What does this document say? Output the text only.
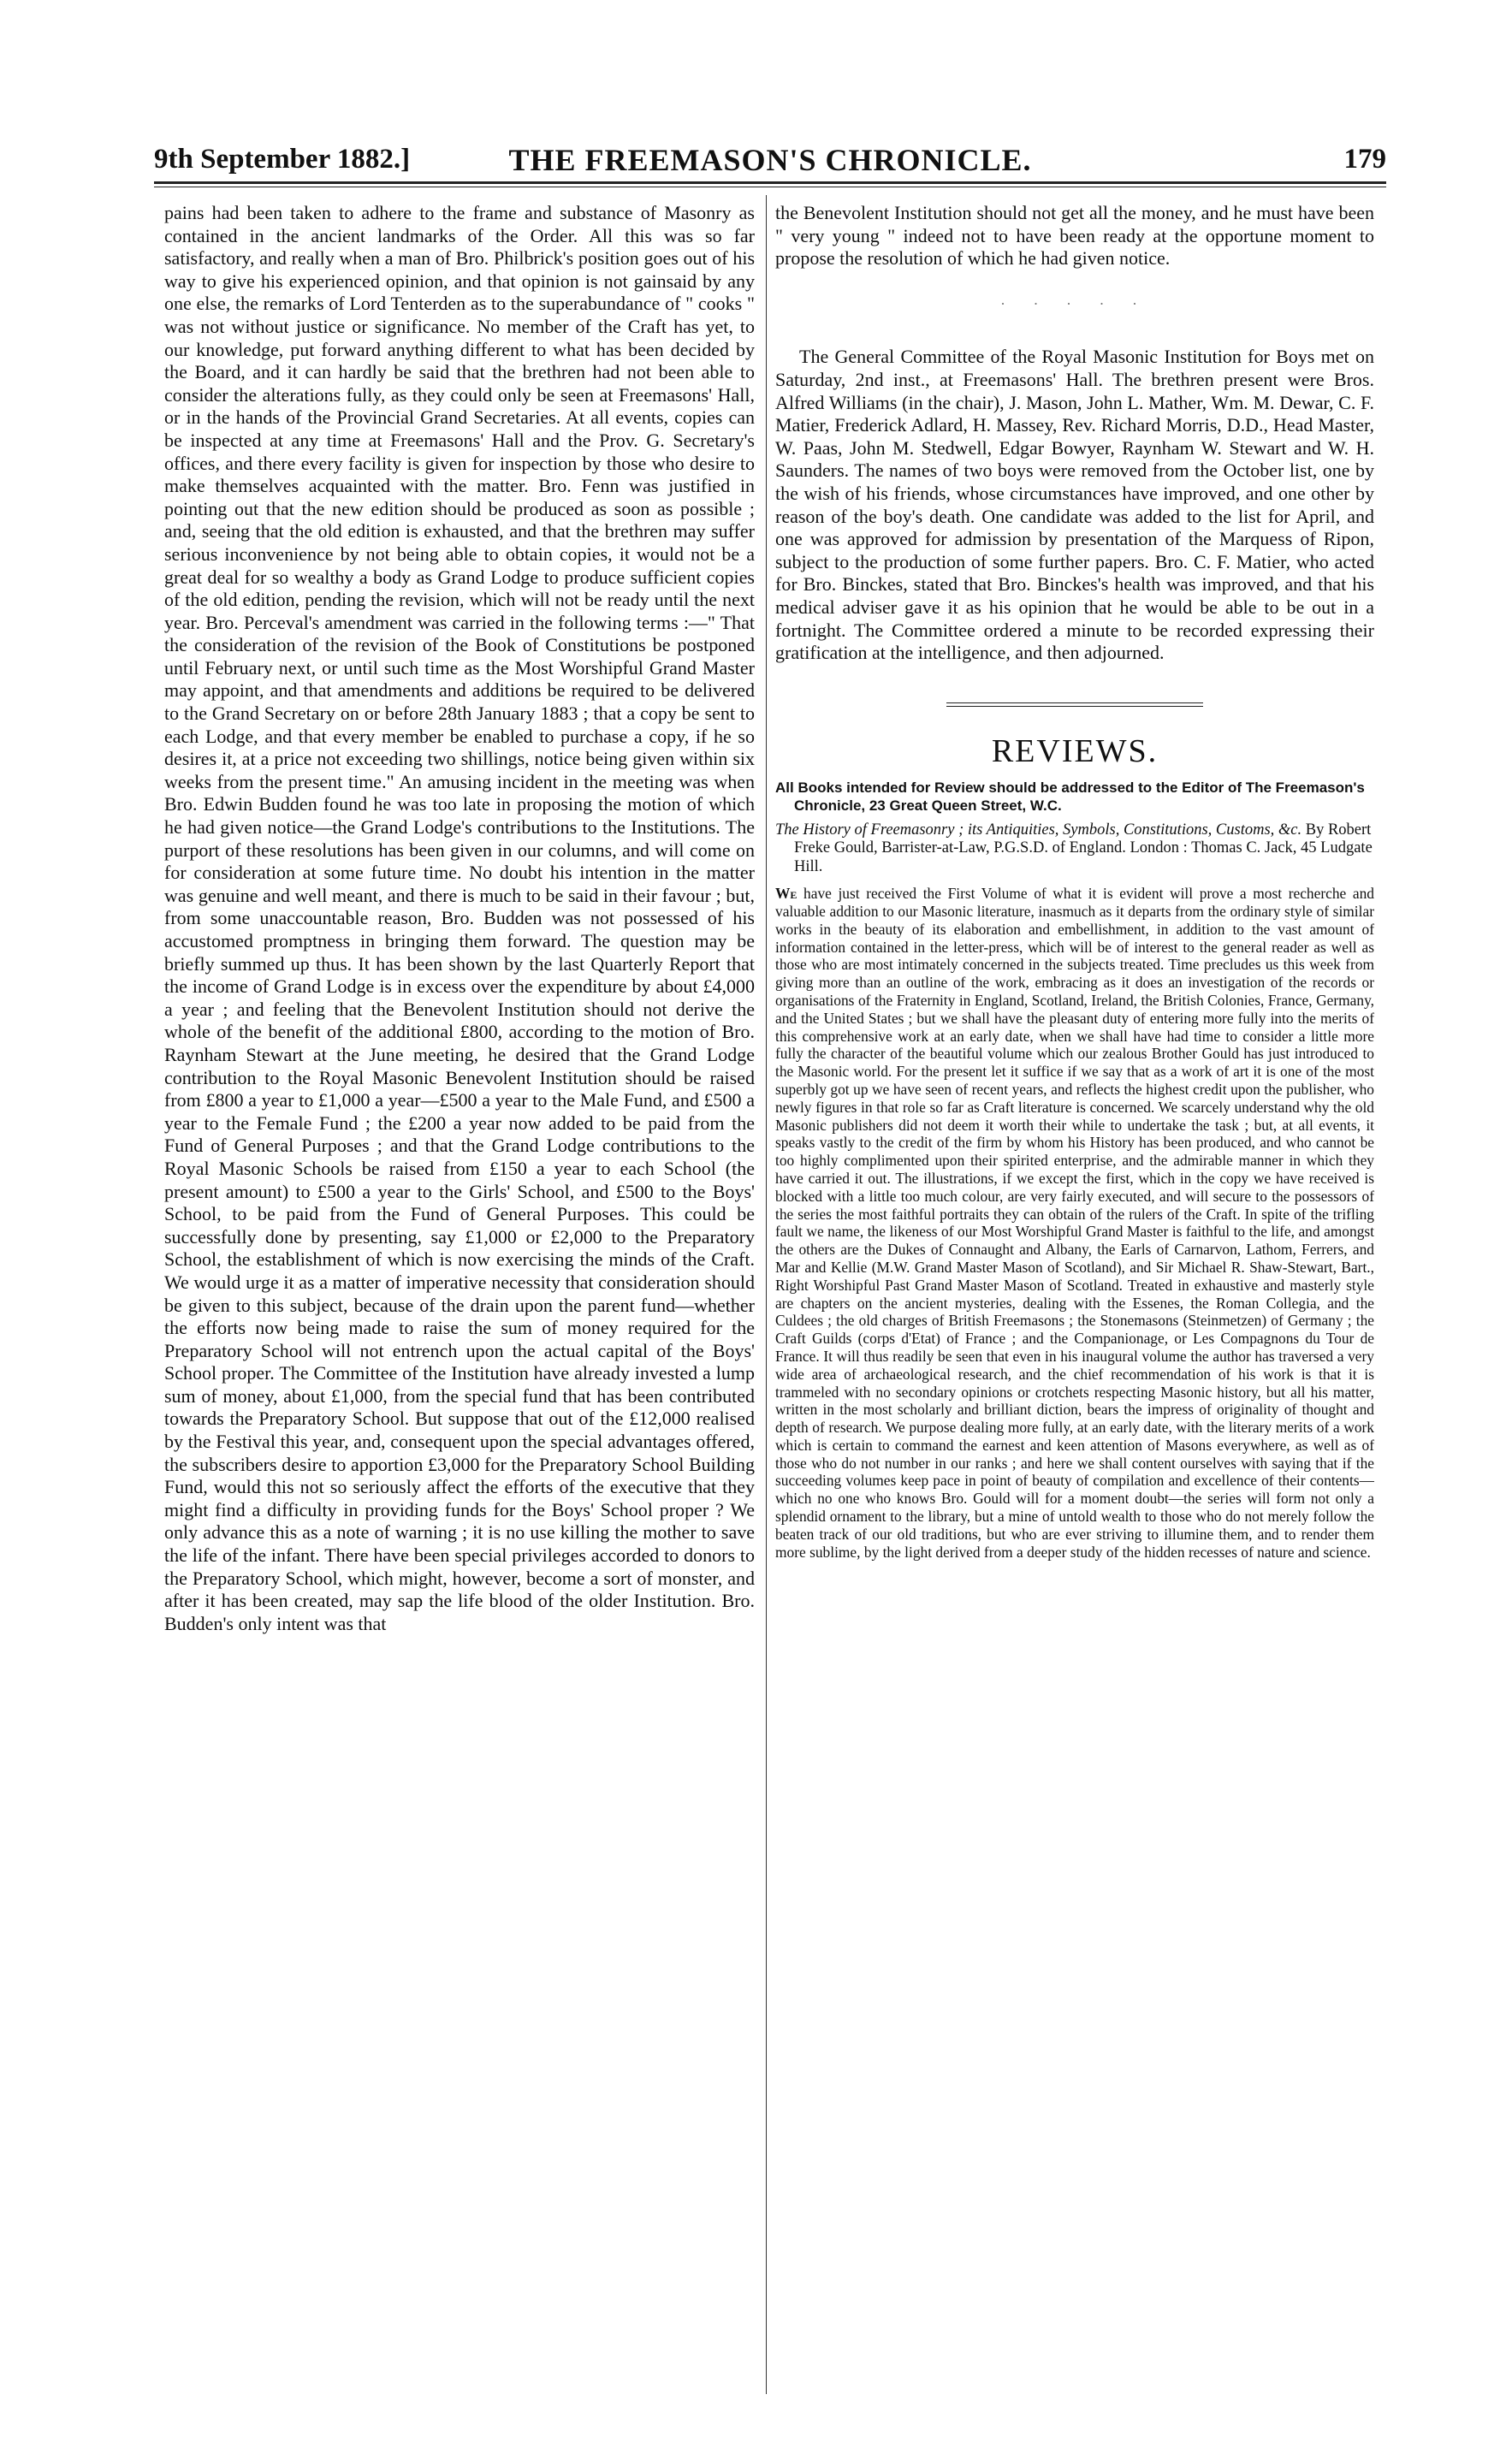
9th September 1882.]	THE FREEMASON'S CHRONICLE.	179

pains had been taken to adhere to the frame and substance of Masonry as contained in the ancient landmarks of the Order. All this was so far satisfactory, and really when a man of Bro. Philbrick's position goes out of his way to give his experienced opinion, and that opinion is not gainsaid by any one else, the remarks of Lord Tenterden as to the superabundance of " cooks " was not without justice or significance. No member of the Craft has yet, to our knowledge, put forward anything different to what has been decided by the Board, and it can hardly be said that the brethren had not been able to consider the alterations fully, as they could only be seen at Freemasons' Hall, or in the hands of the Provincial Grand Secretaries. At all events, copies can be inspected at any time at Freemasons' Hall and the Prov. G. Secretary's offices, and there every facility is given for inspection by those who desire to make themselves acquainted with the matter. Bro. Fenn was justified in pointing out that the new edition should be produced as soon as possible ; and, seeing that the old edition is exhausted, and that the brethren may suffer serious inconvenience by not being able to obtain copies, it would not be a great deal for so wealthy a body as Grand Lodge to produce sufficient copies of the old edition, pending the revision, which will not be ready until the next year. Bro. Perceval's amendment was carried in the following terms :—" That the consideration of the revision of the Book of Constitutions be postponed until February next, or until such time as the Most Worshipful Grand Master may appoint, and that amendments and additions be required to be delivered to the Grand Secretary on or before 28th January 1883 ; that a copy be sent to each Lodge, and that every member be enabled to purchase a copy, if he so desires it, at a price not exceeding two shillings, notice being given within six weeks from the present time." An amusing incident in the meeting was when Bro. Edwin Budden found he was too late in proposing the motion of which he had given notice—the Grand Lodge's contributions to the Institutions. The purport of these resolutions has been given in our columns, and will come on for consideration at some future time. No doubt his intention in the matter was genuine and well meant, and there is much to be said in their favour ; but, from some unaccountable reason, Bro. Budden was not possessed of his accustomed promptness in bringing them forward. The question may be briefly summed up thus. It has been shown by the last Quarterly Report that the income of Grand Lodge is in excess over the expenditure by about £4,000 a year ; and feeling that the Benevolent Institution should not derive the whole of the benefit of the additional £800, according to the motion of Bro. Raynham Stewart at the June meeting, he desired that the Grand Lodge contribution to the Royal Masonic Benevolent Institution should be raised from £800 a year to £1,000 a year—£500 a year to the Male Fund, and £500 a year to the Female Fund ; the £200 a year now added to be paid from the Fund of General Purposes ; and that the Grand Lodge contributions to the Royal Masonic Schools be raised from £150 a year to each School (the present amount) to £500 a year to the Girls' School, and £500 to the Boys' School, to be paid from the Fund of General Purposes. This could be successfully done by presenting, say £1,000 or £2,000 to the Preparatory School, the establishment of which is now exercising the minds of the Craft. We would urge it as a matter of imperative necessity that consideration should be given to this subject, because of the drain upon the parent fund—whether the efforts now being made to raise the sum of money required for the Preparatory School will not entrench upon the actual capital of the Boys' School proper. The Committee of the Institution have already invested a lump sum of money, about £1,000, from the special fund that has been contributed towards the Preparatory School. But suppose that out of the £12,000 realised by the Festival this year, and, consequent upon the special advantages offered, the subscribers desire to apportion £3,000 for the Preparatory School Building Fund, would this not so seriously affect the efforts of the executive that they might find a difficulty in providing funds for the Boys' School proper ? We only advance this as a note of warning ; it is no use killing the mother to save the life of the infant. There have been special privileges accorded to donors to the Preparatory School, which might, however, become a sort of monster, and after it has been created, may sap the life blood of the older Institution. Bro. Budden's only intent was that

the Benevolent Institution should not get all the money, and he must have been " very young " indeed not to have been ready at the opportune moment to propose the resolution of which he had given notice.

· · · · ·

The General Committee of the Royal Masonic Institution for Boys met on Saturday, 2nd inst., at Freemasons' Hall. The brethren present were Bros. Alfred Williams (in the chair), J. Mason, John L. Mather, Wm. M. Dewar, C. F. Matier, Frederick Adlard, H. Massey, Rev. Richard Morris, D.D., Head Master, W. Paas, John M. Stedwell, Edgar Bowyer, Raynham W. Stewart and W. H. Saunders. The names of two boys were removed from the October list, one by the wish of his friends, whose circumstances have improved, and one other by reason of the boy's death. One candidate was added to the list for April, and one was approved for admission by presentation of the Marquess of Ripon, subject to the production of some further papers. Bro. C. F. Matier, who acted for Bro. Binckes, stated that Bro. Binckes's health was improved, and that his medical adviser gave it as his opinion that he would be able to be out in a fortnight. The Committee ordered a minute to be recorded expressing their gratification at the intelligence, and then adjourned.

REVIEWS.

All Books intended for Review should be addressed to the Editor of The Freemason's Chronicle, 23 Great Queen Street, W.C.

The History of Freemasonry ; its Antiquities, Symbols, Constitutions, Customs, &c. By Robert Freke Gould, Barrister-at-Law, P.G.S.D. of England. London : Thomas C. Jack, 45 Ludgate Hill.

We have just received the First Volume of what it is evident will prove a most recherche and valuable addition to our Masonic literature, inasmuch as it departs from the ordinary style of similar works in the beauty of its elaboration and embellishment, in addition to the vast amount of information contained in the letter-press, which will be of interest to the general reader as well as those who are most intimately concerned in the subjects treated. Time precludes us this week from giving more than an outline of the work, embracing as it does an investigation of the records or organisations of the Fraternity in England, Scotland, Ireland, the British Colonies, France, Germany, and the United States ; but we shall have the pleasant duty of entering more fully into the merits of this comprehensive work at an early date, when we shall have had time to consider a little more fully the character of the beautiful volume which our zealous Brother Gould has just introduced to the Masonic world. For the present let it suffice if we say that as a work of art it is one of the most superbly got up we have seen of recent years, and reflects the highest credit upon the publisher, who newly figures in that role so far as Craft literature is concerned. We scarcely understand why the old Masonic publishers did not deem it worth their while to undertake the task ; but, at all events, it speaks vastly to the credit of the firm by whom his History has been produced, and who cannot be too highly complimented upon their spirited enterprise, and the admirable manner in which they have carried it out. The illustrations, if we except the first, which in the copy we have received is blocked with a little too much colour, are very fairly executed, and will secure to the possessors of the series the most faithful portraits they can obtain of the rulers of the Craft. In spite of the trifling fault we name, the likeness of our Most Worshipful Grand Master is faithful to the life, and amongst the others are the Dukes of Connaught and Albany, the Earls of Carnarvon, Lathom, Ferrers, and Mar and Kellie (M.W. Grand Master Mason of Scotland), and Sir Michael R. Shaw-Stewart, Bart., Right Worshipful Past Grand Master Mason of Scotland. Treated in exhaustive and masterly style are chapters on the ancient mysteries, dealing with the Essenes, the Roman Collegia, and the Culdees ; the old charges of British Freemasons ; the Stonemasons (Steinmetzen) of Germany ; the Craft Guilds (corps d'Etat) of France ; and the Companionage, or Les Compagnons du Tour de France. It will thus readily be seen that even in his inaugural volume the author has traversed a very wide area of archaeological research, and the chief recommendation of his work is that it is trammeled with no secondary opinions or crotchets respecting Masonic history, but all his matter, written in the most scholarly and brilliant diction, bears the impress of originality of thought and depth of research. We purpose dealing more fully, at an early date, with the literary merits of a work which is certain to command the earnest and keen attention of Masons everywhere, as well as of those who do not number in our ranks ; and here we shall content ourselves with saying that if the succeeding volumes keep pace in point of beauty of compilation and excellence of their contents—which no one who knows Bro. Gould will for a moment doubt—the series will form not only a splendid ornament to the library, but a mine of untold wealth to those who do not merely follow the beaten track of our old traditions, but who are ever striving to illumine them, and to render them more sublime, by the light derived from a deeper study of the hidden recesses of nature and science.
